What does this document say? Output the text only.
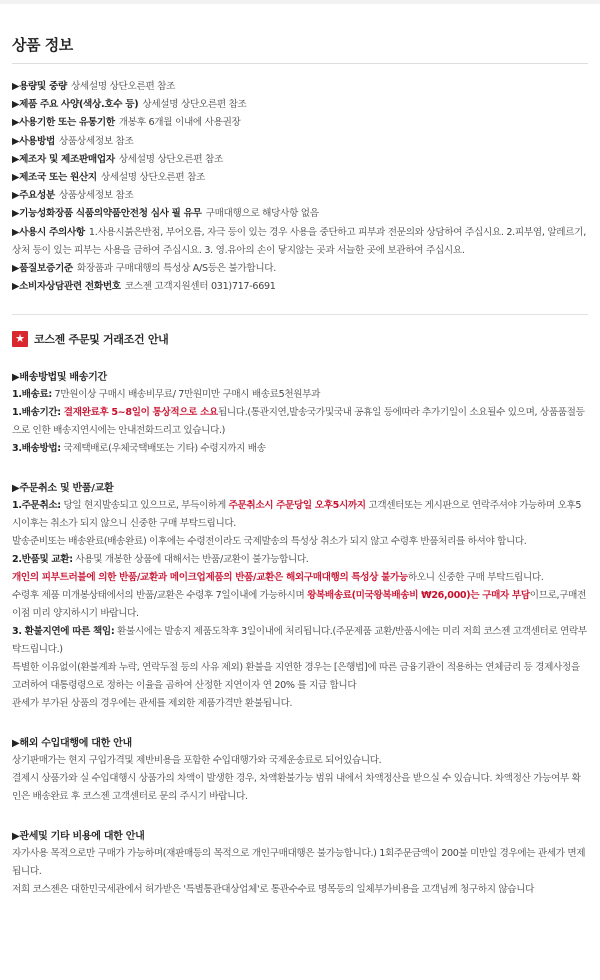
상품 정보
▶용량및 중량 상세설명 상단오른편 참조
▶제품 주요 사양(색상.호수 등) 상세설명 상단오른편 참조
▶사용기한 또는 유통기한 개봉후 6개월 이내에 사용권장
▶사용방법 상품상세정보 참조
▶제조자 및 제조판매업자 상세설명 상단오른편 참조
▶제조국 또는 원산지 상세설명 상단오른편 참조
▶주요성분 상품상세정보 참조
▶기능성화장품 식품의약품안전청 심사 필 유무 구매대행으로 해당사항 없음
▶사용시 주의사항 1.사용시붉은반점, 부어오름, 자극 등이 있는 경우 사용을 중단하고 피부과 전문의와 상담하여 주십시요. 2.피부염, 알레르기, 상처 등이 있는 피부는 사용을 금하여 주십시요. 3. 영.유아의 손이 닿지않는 곳과 서늘한 곳에 보관하여 주십시요.
▶품질보증기준 화장품과 구매대행의 특성상 A/S등은 불가합니다.
▶소비자상담관련 전화번호 코스젠 고객지원센터 031)717-6691
★ 코스젠 주문및 거래조건 안내
▶배송방법및 배송기간
1.배송료: 7만원이상 구매시 배송비무료/ 7만원미만 구매시 배송료5천원부과
1.배송기간: 결재완료후 5~8일이 통상적으로 소요됩니다.(통관지연,발송국가및국내 공휴일 등에따라 추가기일이 소요될수 있으며, 상품품절등으로 인한 배송지연시에는 안내전화드리고 있습니다.)
3.배송방법: 국제택배로(우체국택배또는 기타) 수령지까지 배송
▶주문취소 및 반품/교환
1.주문취소: 당일 현지발송되고 있으므로, 부득이하게 주문취소시 주문당일 오후5시까지 고객센터또는 게시판으로 연락주셔야 가능하며 오후5시이후는 취소가 되지 않으니 신중한 구매 부탁드립니다.
발송준비또는 배송완료(배송완료) 이후에는 수령전이라도 국제발송의 특성상 취소가 되지 않고 수령후 반품처리를 하셔야 합니다.
2.반품및 교환: 사용및 개봉한 상품에 대해서는 반품/교환이 불가능합니다.
개인의 피부트러블에 의한 반품/교환과 메이크업제품의 반품/교환은 해외구매대행의 특성상 불가능하오니 신중한 구매 부탁드립니다.
수령후 제품 미개봉상태에서의 반품/교환은 수령후 7일이내에 가능하시며 왕복배송료(미국왕복배송비 ₩26,000)는 구매자 부담이므로,구매전 이점 미리 양지하시기 바랍니다.
3. 환불지연에 따른 책임: 환불시에는 발송지 제품도착후 3일이내에 처리됩니다.(주문제품 교환/반품시에는 미리 저희 코스젠 고객센터로 연락부탁드립니다.)
특별한 이유없이(환불계좌 누락, 연락두절 등의 사유 제외) 환불을 지연한 경우는 [은행법]에 따른 금융기관이 적용하는 연체금리 등 경제사정을 고려하여 대통령령으로 정하는 이율을 곱하여 산정한 지연이자 연 20% 를 지급 합니다
관세가 부가된 상품의 경우에는 관세를 제외한 제품가격만 환불됩니다.
▶해외 수입대행에 대한 안내
상기판매가는 현지 구입가격및 제반비용을 포함한 수입대행가와 국제운송료로 되어있습니다.
결제시 상품가와 실 수입대행시 상품가의 차액이 발생한 경우, 차액환불가능 범위 내에서 차액정산을 받으실 수 있습니다. 차액정산 가능여부 확인은 배송완료 후 코스젠 고객센터로 문의 주시기 바랍니다.
▶관세및 기타 비용에 대한 안내
자가사용 목적으로만 구매가 가능하며(재판매등의 목적으로 개인구매대행은 불가능합니다.) 1회주문금액이 200불 미만일 경우에는 관세가 면제됩니다.
저희 코스젠은 대한민국세관에서 허가받은 '특별통관대상업체'로 통관수수료 명목등의 일체부가비용을 고객님께 청구하지 않습니다
